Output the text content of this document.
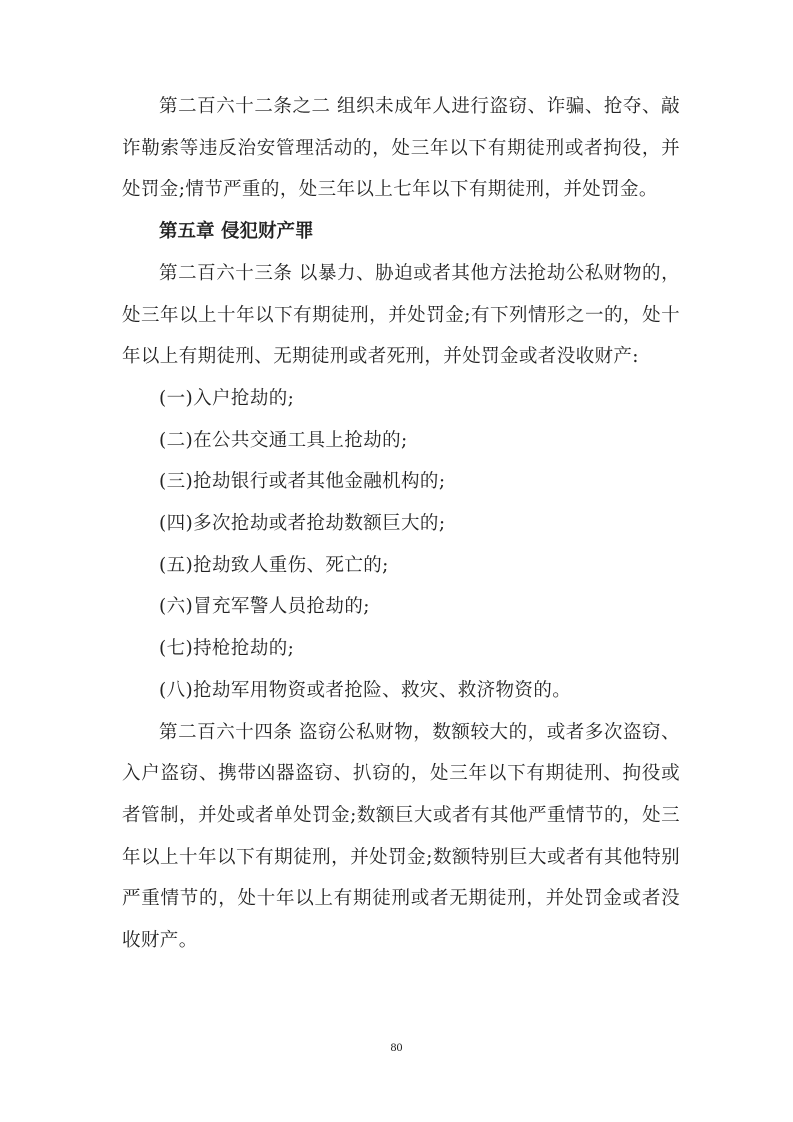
第二百六十二条之二 组织未成年人进行盗窃、诈骗、抢夺、敲诈勒索等违反治安管理活动的，处三年以下有期徒刑或者拘役，并处罚金;情节严重的，处三年以上七年以下有期徒刑，并处罚金。

第五章 侵犯财产罪

第二百六十三条 以暴力、胁迫或者其他方法抢劫公私财物的，处三年以上十年以下有期徒刑，并处罚金;有下列情形之一的，处十年以上有期徒刑、无期徒刑或者死刑，并处罚金或者没收财产:

(一)入户抢劫的;

(二)在公共交通工具上抢劫的;

(三)抢劫银行或者其他金融机构的;

(四)多次抢劫或者抢劫数额巨大的;

(五)抢劫致人重伤、死亡的;

(六)冒充军警人员抢劫的;

(七)持枪抢劫的;

(八)抢劫军用物资或者抢险、救灾、救济物资的。

第二百六十四条 盗窃公私财物，数额较大的，或者多次盗窃、入户盗窃、携带凶器盗窃、扒窃的，处三年以下有期徒刑、拘役或者管制，并处或者单处罚金;数额巨大或者有其他严重情节的，处三年以上十年以下有期徒刑，并处罚金;数额特别巨大或者有其他特别严重情节的，处十年以上有期徒刑或者无期徒刑，并处罚金或者没收财产。

80
